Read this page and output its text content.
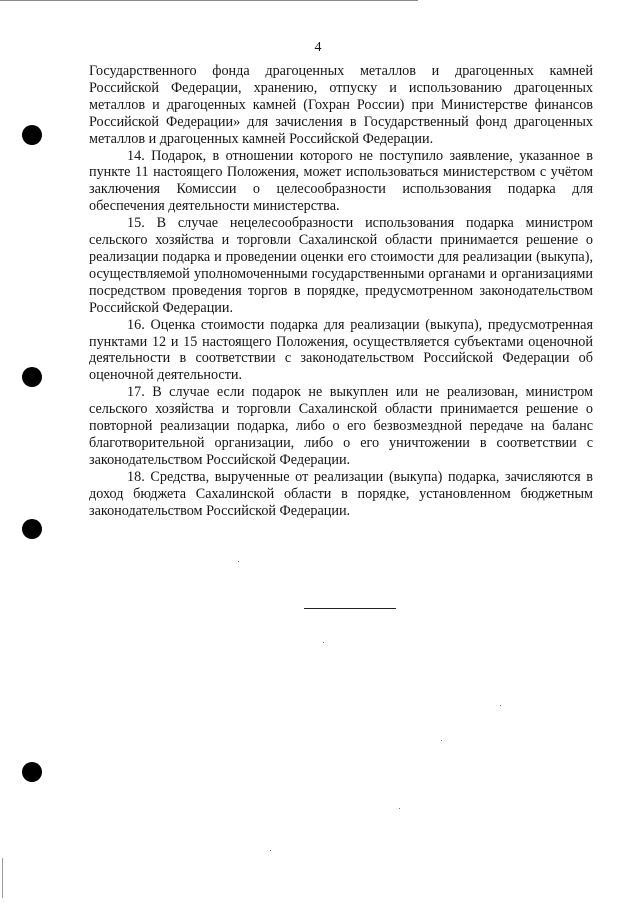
4

Государственного фонда драгоценных металлов и драгоценных камней Российской Федерации, хранению, отпуску и использованию драгоценных металлов и драгоценных камней (Гохран России) при Министерстве финансов Российской Федерации» для зачисления в Государственный фонд драгоценных металлов и драгоценных камней Российской Федерации.

14. Подарок, в отношении которого не поступило заявление, указанное в пункте 11 настоящего Положения, может использоваться министерством с учётом заключения Комиссии о целесообразности использования подарка для обеспечения деятельности министерства.

15. В случае нецелесообразности использования подарка министром сельского хозяйства и торговли Сахалинской области принимается решение о реализации подарка и проведении оценки его стоимости для реализации (выкупа), осуществляемой уполномоченными государственными органами и организациями посредством проведения торгов в порядке, предусмотренном законодательством Российской Федерации.

16. Оценка стоимости подарка для реализации (выкупа), предусмотренная пунктами 12 и 15 настоящего Положения, осуществляется субъектами оценочной деятельности в соответствии с законодательством Российской Федерации об оценочной деятельности.

17. В случае если подарок не выкуплен или не реализован, министром сельского хозяйства и торговли Сахалинской области принимается решение о повторной реализации подарка, либо о его безвозмездной передаче на баланс благотворительной организации, либо о его уничтожении в соответствии с законодательством Российской Федерации.

18. Средства, вырученные от реализации (выкупа) подарка, зачисляются в доход бюджета Сахалинской области в порядке, установленном бюджетным законодательством Российской Федерации.
